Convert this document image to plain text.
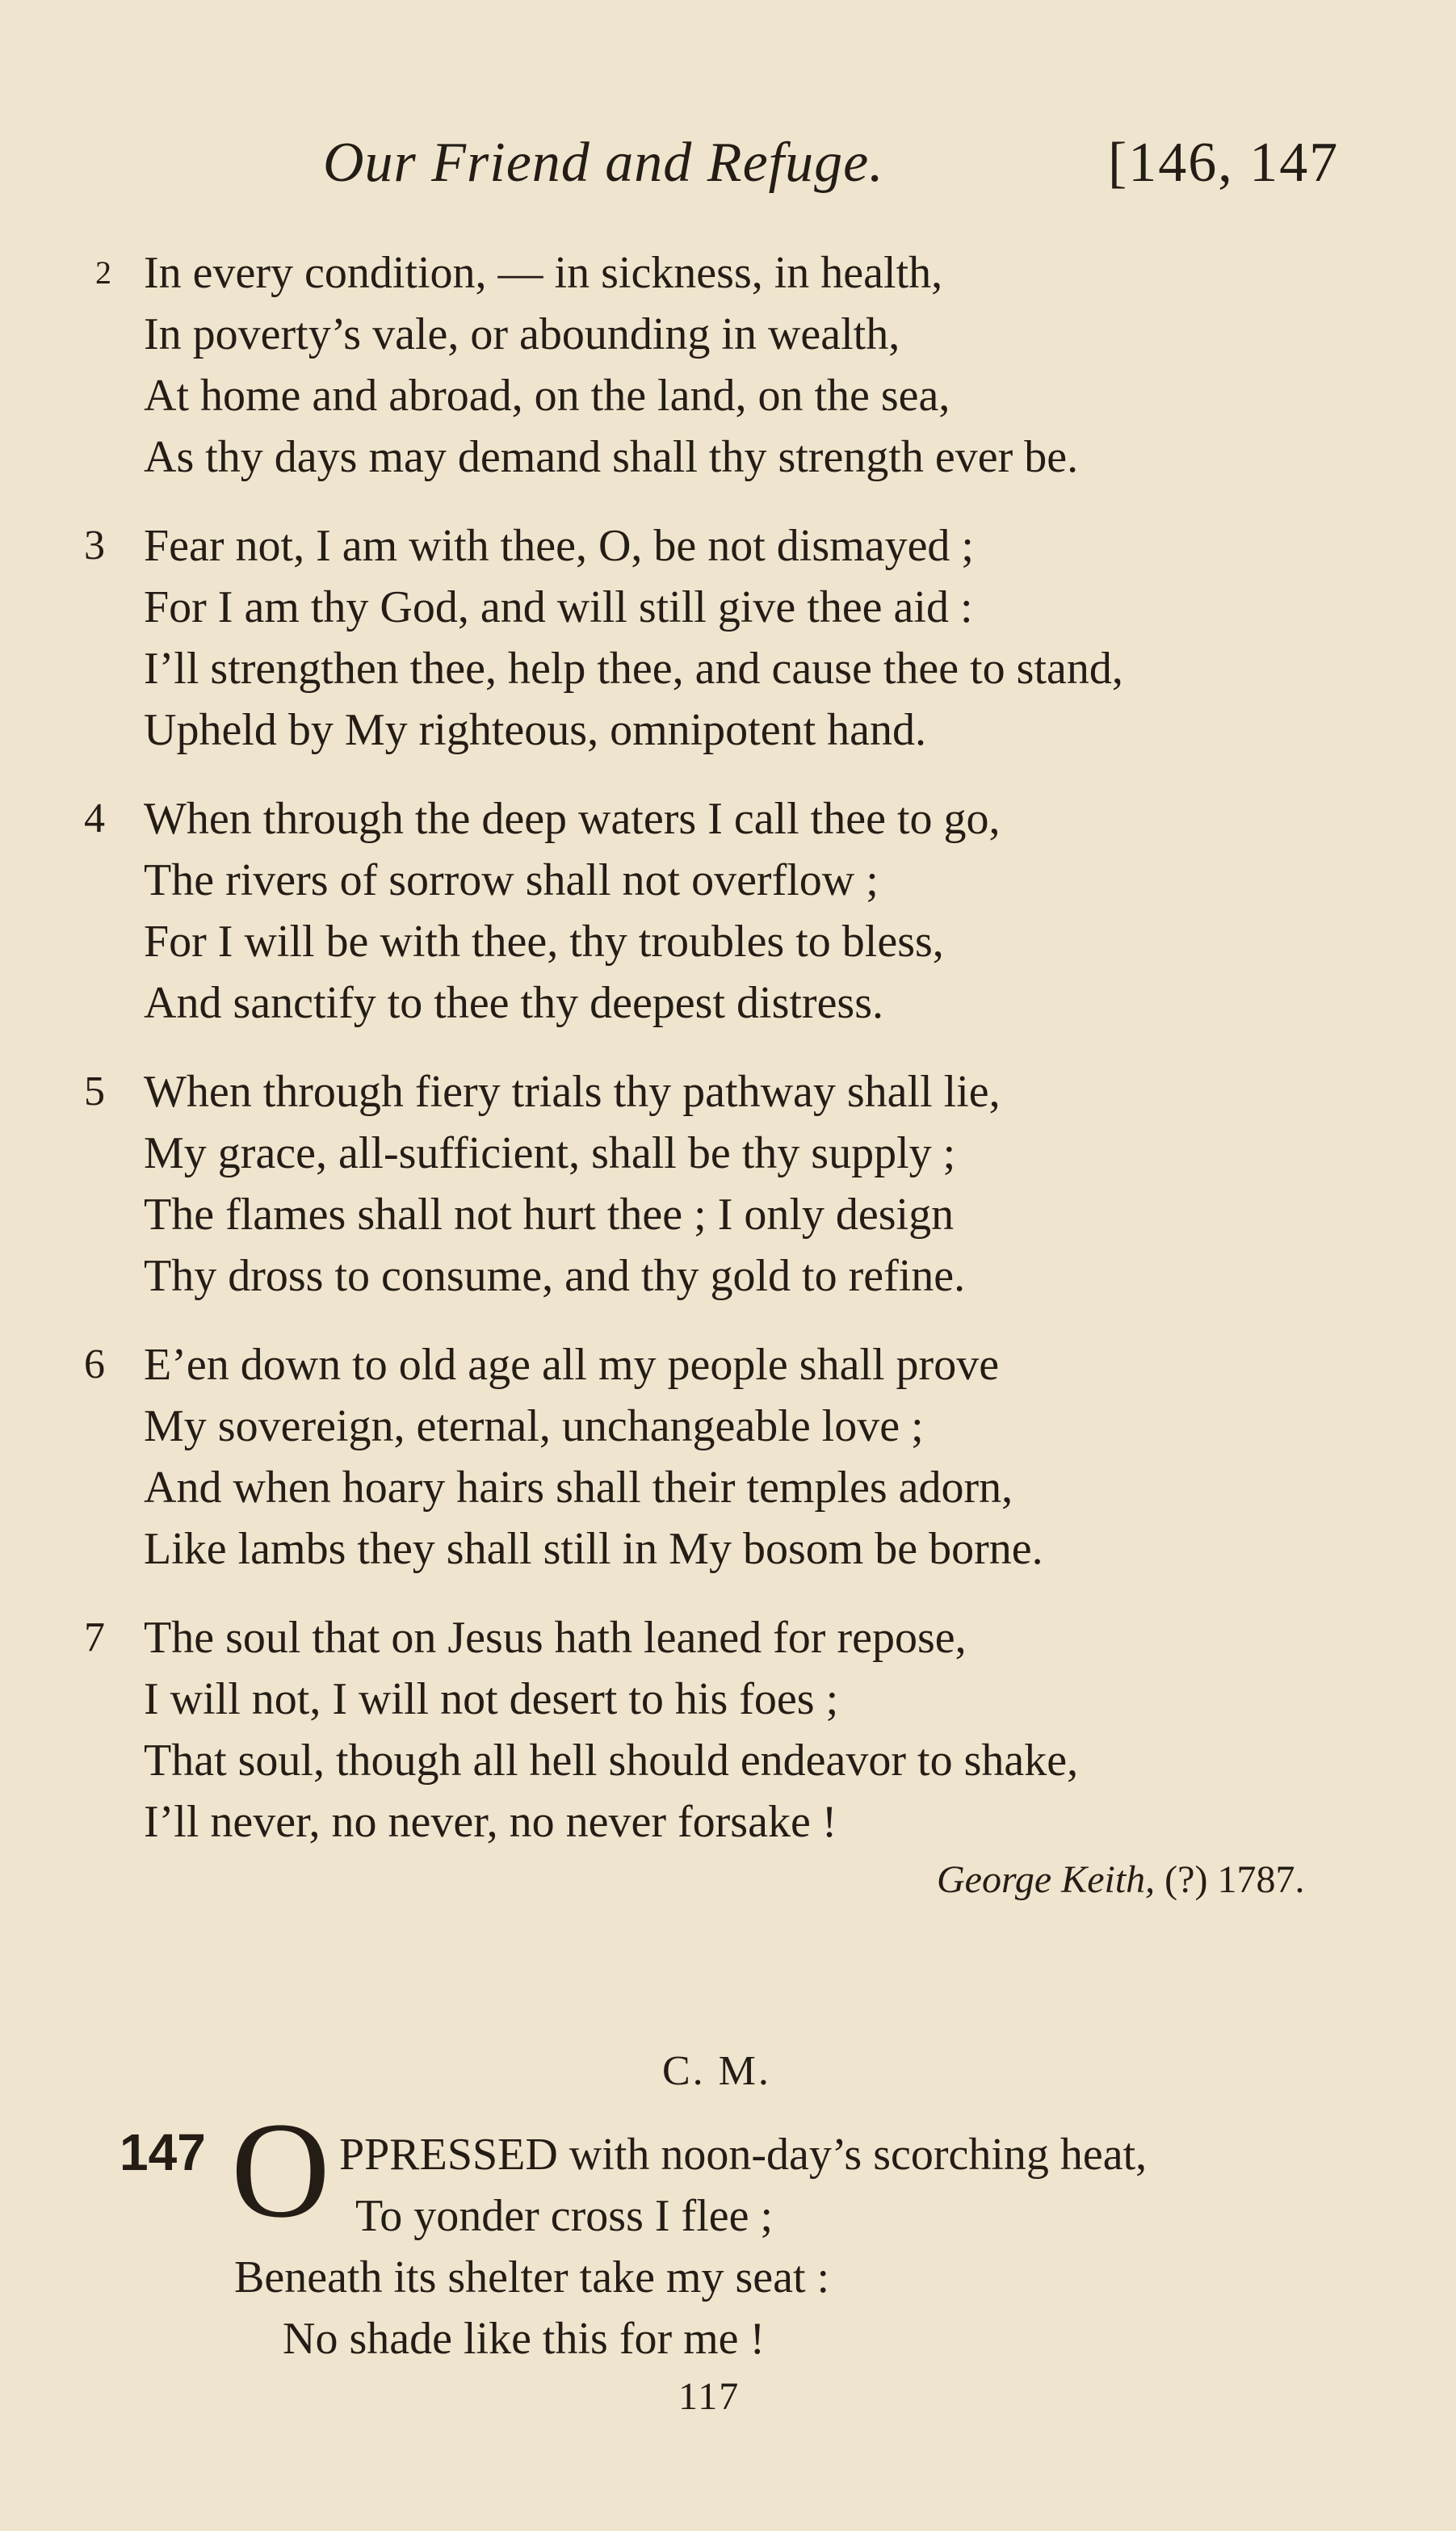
Our Friend and Refuge.	[146, 147
2 In every condition, — in sickness, in health,
In poverty’s vale, or abounding in wealth,
At home and abroad, on the land, on the sea,
As thy days may demand shall thy strength ever be.
3 Fear not, I am with thee, O, be not dismayed ;
For I am thy God, and will still give thee aid :
I’ll strengthen thee, help thee, and cause thee to stand,
Upheld by My righteous, omnipotent hand.
4 When through the deep waters I call thee to go,
The rivers of sorrow shall not overflow ;
For I will be with thee, thy troubles to bless,
And sanctify to thee thy deepest distress.
5 When through fiery trials thy pathway shall lie,
My grace, all-sufficient, shall be thy supply ;
The flames shall not hurt thee ; I only design
Thy dross to consume, and thy gold to refine.
6 E’en down to old age all my people shall prove
My sovereign, eternal, unchangeable love ;
And when hoary hairs shall their temples adorn,
Like lambs they shall still in My bosom be borne.
7 The soul that on Jesus hath leaned for repose,
I will not, I will not desert to his foes ;
That soul, though all hell should endeavor to shake,
I’ll never, no never, no never forsake !
George Keith, (?) 1787.
C. M.
147 O PPRESSED with noon-day’s scorching heat,
To yonder cross I flee ;
Beneath its shelter take my seat :
No shade like this for me !
117
